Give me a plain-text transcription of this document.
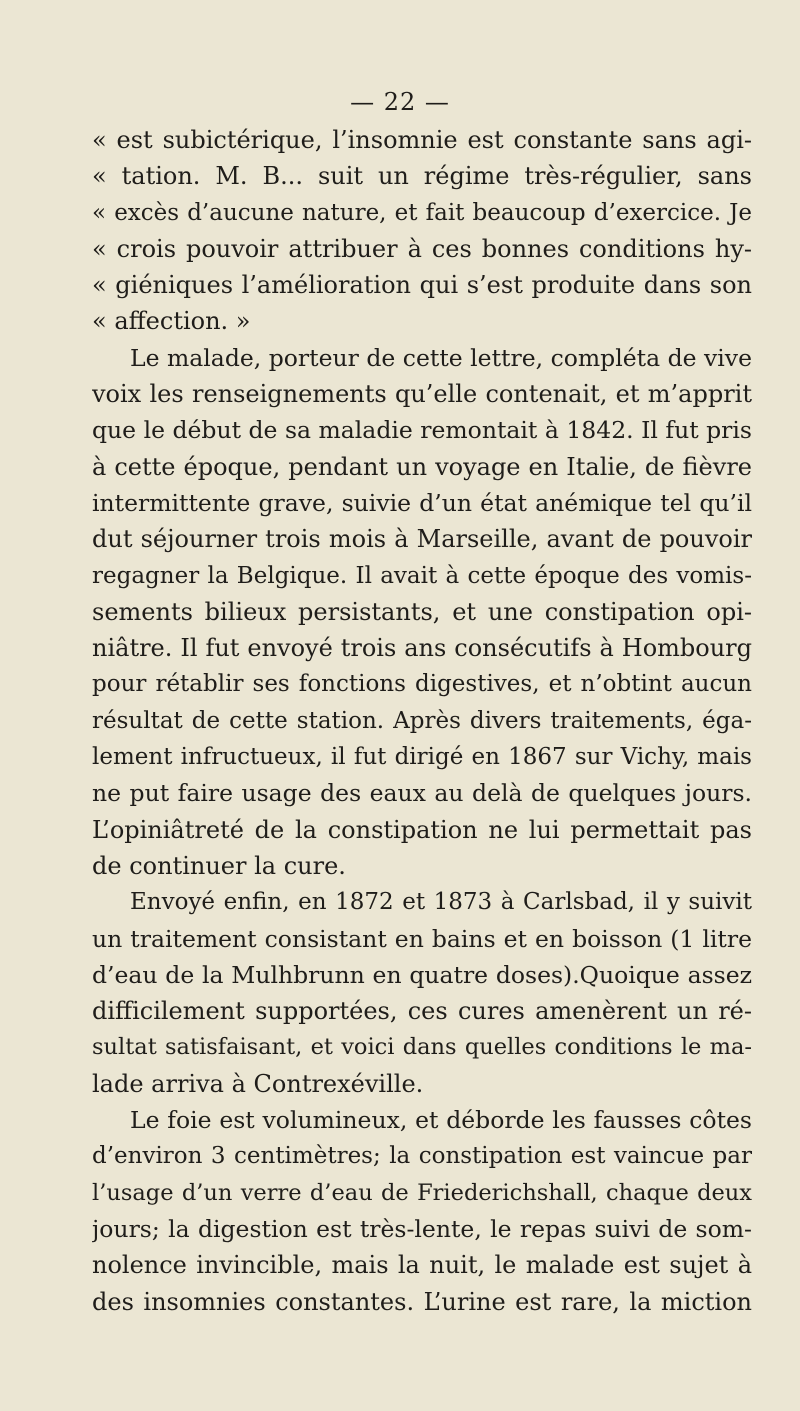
— 22 —
« est subictérique, l’insomnie est constante sans agi-
« tation. M. B... suit un régime très-régulier, sans
« excès d’aucune nature, et fait beaucoup d’exercice. Je
« crois pouvoir attribuer à ces bonnes conditions hy-
« giéniques l’amélioration qui s’est produite dans son
« affection. »
Le malade, porteur de cette lettre, compléta de vive
voix les renseignements qu’elle contenait, et m’apprit
que le début de sa maladie remontait à 1842. Il fut pris
à cette époque, pendant un voyage en Italie, de fièvre
intermittente grave, suivie d’un état anémique tel qu’il
dut séjourner trois mois à Marseille, avant de pouvoir
regagner la Belgique. Il avait à cette époque des vomis-
sements bilieux persistants, et une constipation opi-
niâtre. Il fut envoyé trois ans consécutifs à Hombourg
pour rétablir ses fonctions digestives, et n’obtint aucun
résultat de cette station. Après divers traitements, éga-
lement infructueux, il fut dirigé en 1867 sur Vichy, mais
ne put faire usage des eaux au delà de quelques jours.
L’opiniâtreté de la constipation ne lui permettait pas
de continuer la cure.
Envoyé enfin, en 1872 et 1873 à Carlsbad, il y suivit
un traitement consistant en bains et en boisson (1 litre
d’eau de la Mulhbrunn en quatre doses).Quoique assez
difficilement supportées, ces cures amenèrent un ré-
sultat satisfaisant, et voici dans quelles conditions le ma-
lade arriva à Contrexéville.
Le foie est volumineux, et déborde les fausses côtes
d’environ 3 centimètres; la constipation est vaincue par
l’usage d’un verre d’eau de Friederichshall, chaque deux
jours; la digestion est très-lente, le repas suivi de som-
nolence invincible, mais la nuit, le malade est sujet à
des insomnies constantes. L’urine est rare, la miction
